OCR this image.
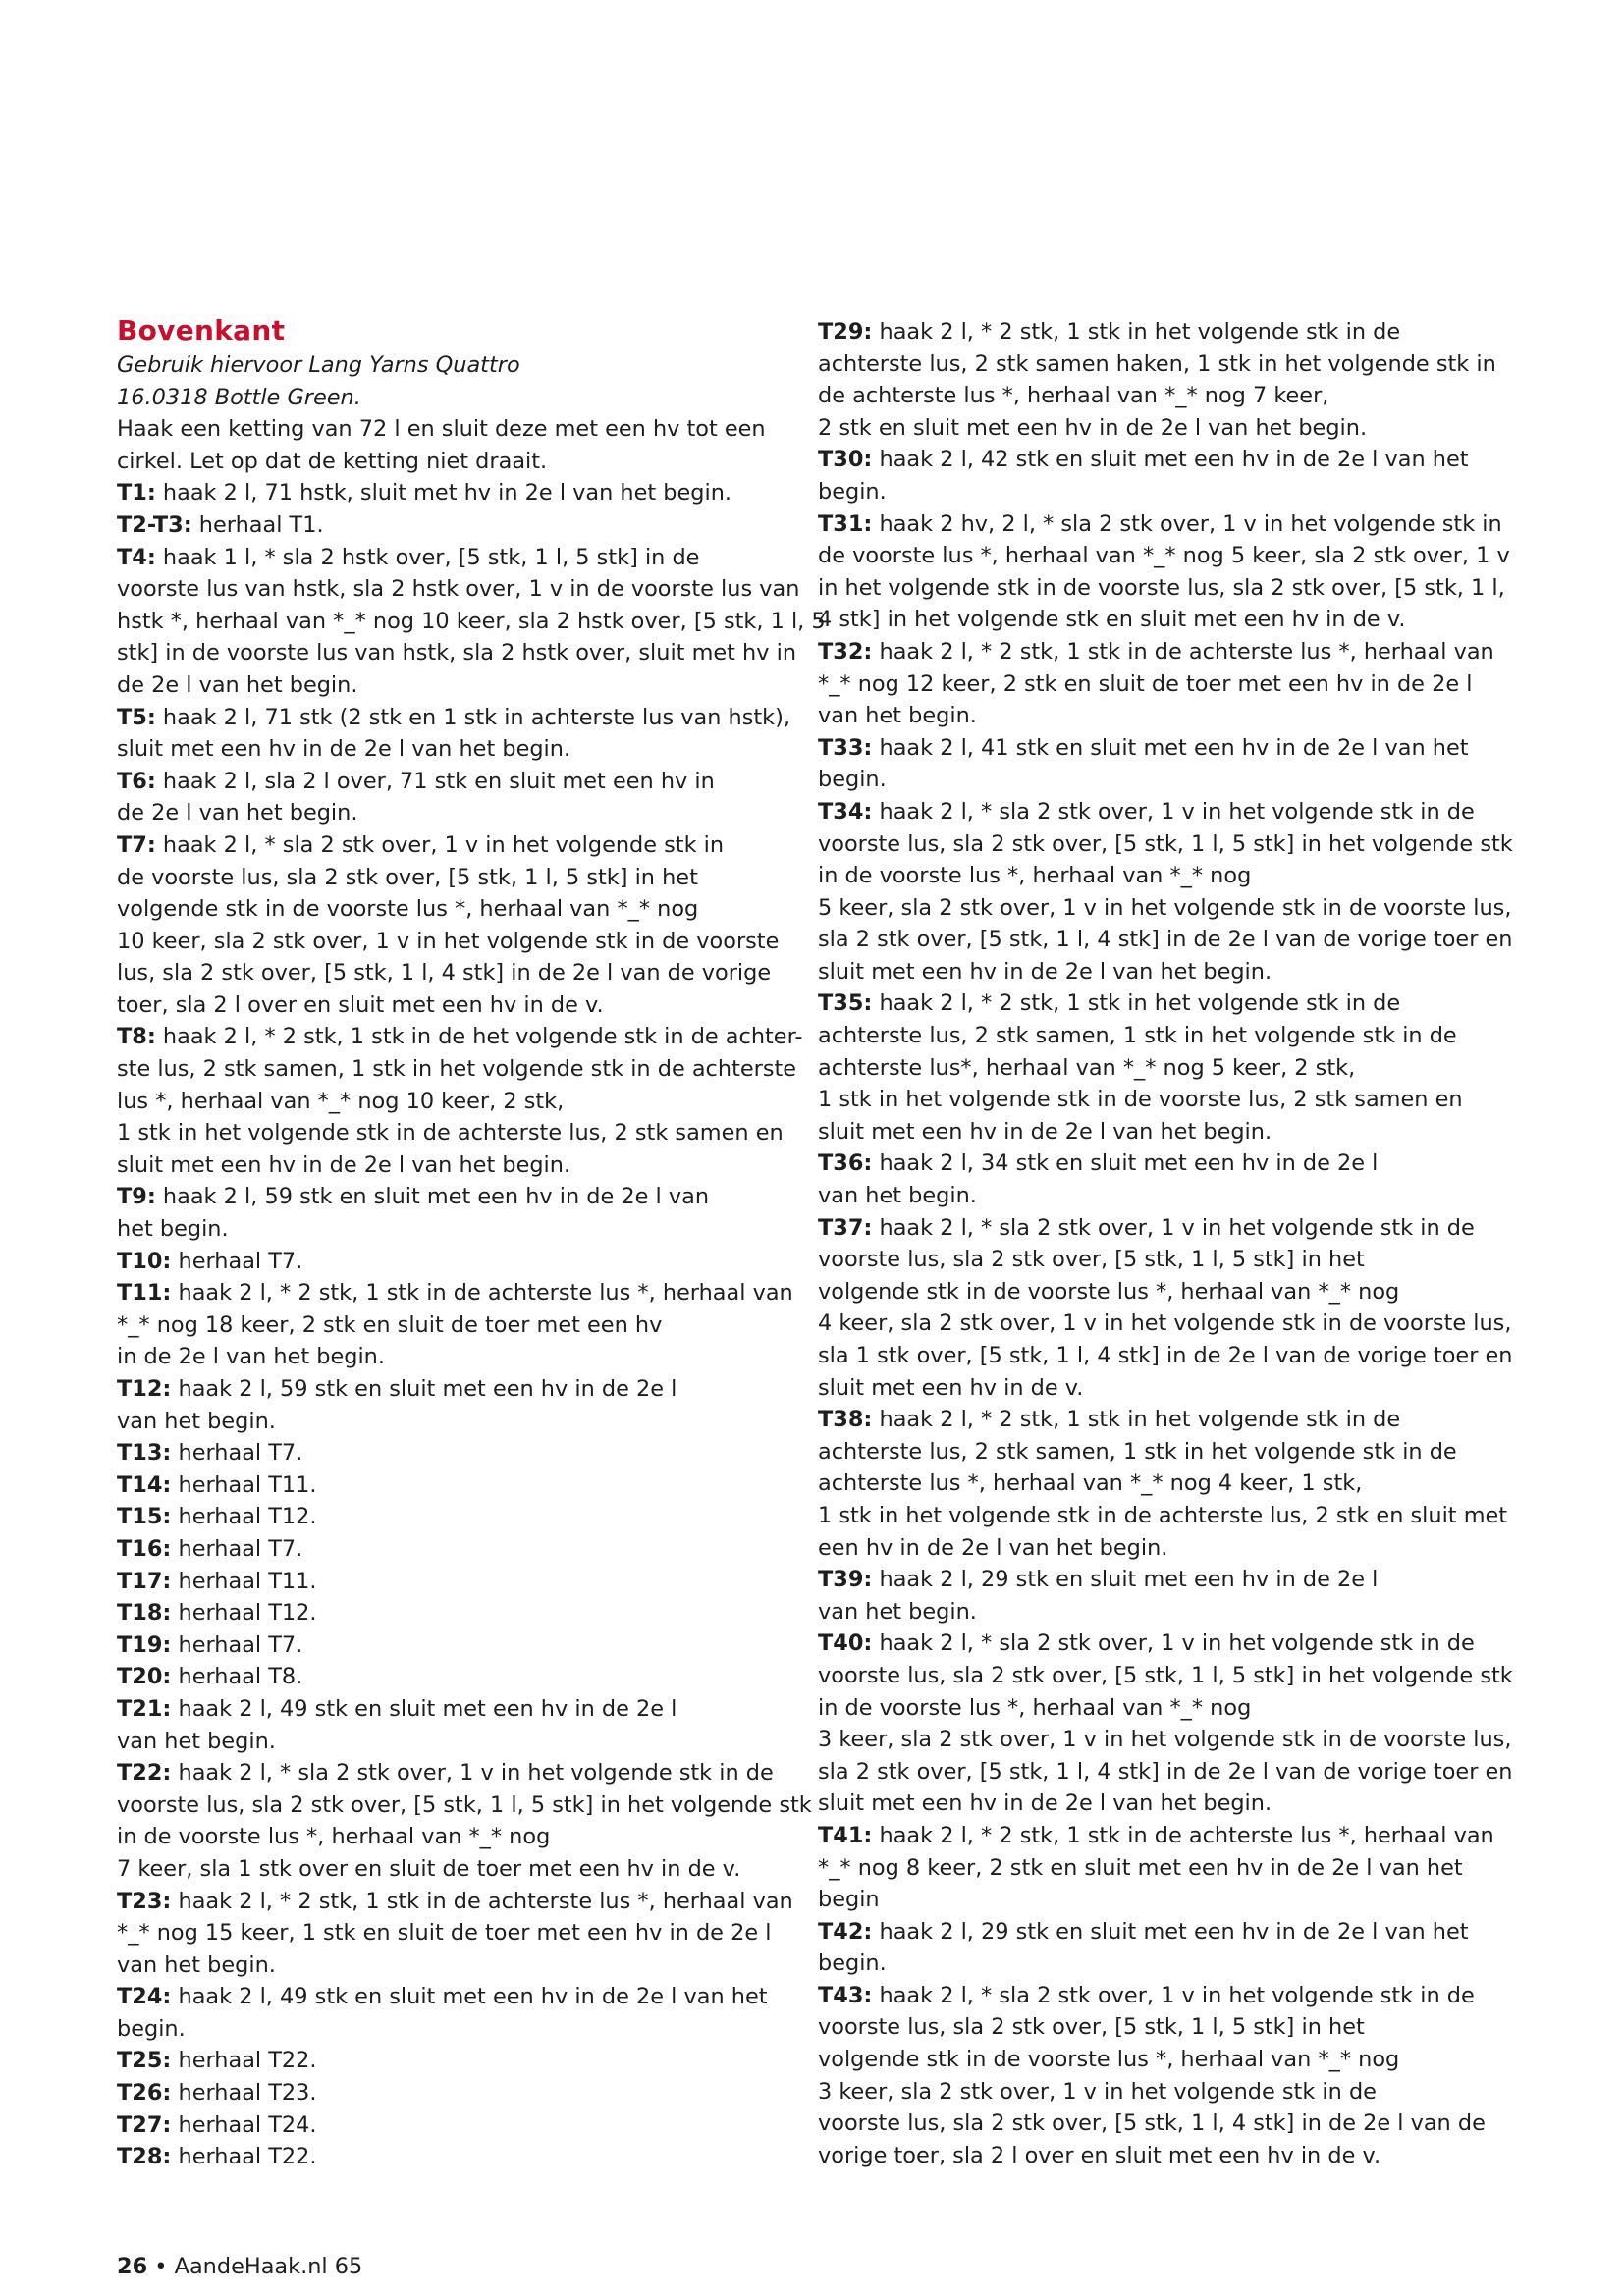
Bovenkant
Gebruik hiervoor Lang Yarns Quattro
16.0318 Bottle Green.
Haak een ketting van 72 l en sluit deze met een hv tot een
cirkel. Let op dat de ketting niet draait.
T1: haak 2 l, 71 hstk, sluit met hv in 2e l van het begin.
T2-T3: herhaal T1.
T4: haak 1 l, * sla 2 hstk over, [5 stk, 1 l, 5 stk] in de
voorste lus van hstk, sla 2 hstk over, 1 v in de voorste lus van
hstk *, herhaal van *_* nog 10 keer, sla 2 hstk over, [5 stk, 1 l, 5
stk] in de voorste lus van hstk, sla 2 hstk over, sluit met hv in
de 2e l van het begin.
T5: haak 2 l, 71 stk (2 stk en 1 stk in achterste lus van hstk),
sluit met een hv in de 2e l van het begin.
T6: haak 2 l, sla 2 l over, 71 stk en sluit met een hv in
de 2e l van het begin.
T7: haak 2 l, * sla 2 stk over, 1 v in het volgende stk in
de voorste lus, sla 2 stk over, [5 stk, 1 l, 5 stk] in het
volgende stk in de voorste lus *, herhaal van *_* nog
10 keer, sla 2 stk over, 1 v in het volgende stk in de voorste
lus, sla 2 stk over, [5 stk, 1 l, 4 stk] in de 2e l van de vorige
toer, sla 2 l over en sluit met een hv in de v.
T8: haak 2 l, * 2 stk, 1 stk in de het volgende stk in de achter-
ste lus, 2 stk samen, 1 stk in het volgende stk in de achterste
lus *, herhaal van *_* nog 10 keer, 2 stk,
1 stk in het volgende stk in de achterste lus, 2 stk samen en
sluit met een hv in de 2e l van het begin.
T9: haak 2 l, 59 stk en sluit met een hv in de 2e l van
het begin.
T10: herhaal T7.
T11: haak 2 l, * 2 stk, 1 stk in de achterste lus *, herhaal van
*_* nog 18 keer, 2 stk en sluit de toer met een hv
in de 2e l van het begin.
T12: haak 2 l, 59 stk en sluit met een hv in de 2e l
van het begin.
T13: herhaal T7.
T14: herhaal T11.
T15: herhaal T12.
T16: herhaal T7.
T17: herhaal T11.
T18: herhaal T12.
T19: herhaal T7.
T20: herhaal T8.
T21: haak 2 l, 49 stk en sluit met een hv in de 2e l
van het begin.
T22: haak 2 l, * sla 2 stk over, 1 v in het volgende stk in de
voorste lus, sla 2 stk over, [5 stk, 1 l, 5 stk] in het volgende stk
in de voorste lus *, herhaal van *_* nog
7 keer, sla 1 stk over en sluit de toer met een hv in de v.
T23: haak 2 l, * 2 stk, 1 stk in de achterste lus *, herhaal van
*_* nog 15 keer, 1 stk en sluit de toer met een hv in de 2e l
van het begin.
T24: haak 2 l, 49 stk en sluit met een hv in de 2e l van het
begin.
T25: herhaal T22.
T26: herhaal T23.
T27: herhaal T24.
T28: herhaal T22.
T29: haak 2 l, * 2 stk, 1 stk in het volgende stk in de
achterste lus, 2 stk samen haken, 1 stk in het volgende stk in
de achterste lus *, herhaal van *_* nog 7 keer,
2 stk en sluit met een hv in de 2e l van het begin.
T30: haak 2 l, 42 stk en sluit met een hv in de 2e l van het
begin.
T31: haak 2 hv, 2 l, * sla 2 stk over, 1 v in het volgende stk in
de voorste lus *, herhaal van *_* nog 5 keer, sla 2 stk over, 1 v
in het volgende stk in de voorste lus, sla 2 stk over, [5 stk, 1 l,
4 stk] in het volgende stk en sluit met een hv in de v.
T32: haak 2 l, * 2 stk, 1 stk in de achterste lus *, herhaal van
*_* nog 12 keer, 2 stk en sluit de toer met een hv in de 2e l
van het begin.
T33: haak 2 l, 41 stk en sluit met een hv in de 2e l van het
begin.
T34: haak 2 l, * sla 2 stk over, 1 v in het volgende stk in de
voorste lus, sla 2 stk over, [5 stk, 1 l, 5 stk] in het volgende stk
in de voorste lus *, herhaal van *_* nog
5 keer, sla 2 stk over, 1 v in het volgende stk in de voorste lus,
sla 2 stk over, [5 stk, 1 l, 4 stk] in de 2e l van de vorige toer en
sluit met een hv in de 2e l van het begin.
T35: haak 2 l, * 2 stk, 1 stk in het volgende stk in de
achterste lus, 2 stk samen, 1 stk in het volgende stk in de
achterste lus*, herhaal van *_* nog 5 keer, 2 stk,
1 stk in het volgende stk in de voorste lus, 2 stk samen en
sluit met een hv in de 2e l van het begin.
T36: haak 2 l, 34 stk en sluit met een hv in de 2e l
van het begin.
T37: haak 2 l, * sla 2 stk over, 1 v in het volgende stk in de
voorste lus, sla 2 stk over, [5 stk, 1 l, 5 stk] in het
volgende stk in de voorste lus *, herhaal van *_* nog
4 keer, sla 2 stk over, 1 v in het volgende stk in de voorste lus,
sla 1 stk over, [5 stk, 1 l, 4 stk] in de 2e l van de vorige toer en
sluit met een hv in de v.
T38: haak 2 l, * 2 stk, 1 stk in het volgende stk in de
achterste lus, 2 stk samen, 1 stk in het volgende stk in de
achterste lus *, herhaal van *_* nog 4 keer, 1 stk,
1 stk in het volgende stk in de achterste lus, 2 stk en sluit met
een hv in de 2e l van het begin.
T39: haak 2 l, 29 stk en sluit met een hv in de 2e l
van het begin.
T40: haak 2 l, * sla 2 stk over, 1 v in het volgende stk in de
voorste lus, sla 2 stk over, [5 stk, 1 l, 5 stk] in het volgende stk
in de voorste lus *, herhaal van *_* nog
3 keer, sla 2 stk over, 1 v in het volgende stk in de voorste lus,
sla 2 stk over, [5 stk, 1 l, 4 stk] in de 2e l van de vorige toer en
sluit met een hv in de 2e l van het begin.
T41: haak 2 l, * 2 stk, 1 stk in de achterste lus *, herhaal van
*_* nog 8 keer, 2 stk en sluit met een hv in de 2e l van het
begin
T42: haak 2 l, 29 stk en sluit met een hv in de 2e l van het
begin.
T43: haak 2 l, * sla 2 stk over, 1 v in het volgende stk in de
voorste lus, sla 2 stk over, [5 stk, 1 l, 5 stk] in het
volgende stk in de voorste lus *, herhaal van *_* nog
3 keer, sla 2 stk over, 1 v in het volgende stk in de
voorste lus, sla 2 stk over, [5 stk, 1 l, 4 stk] in de 2e l van de
vorige toer, sla 2 l over en sluit met een hv in de v.
26 • AandeHaak.nl 65
